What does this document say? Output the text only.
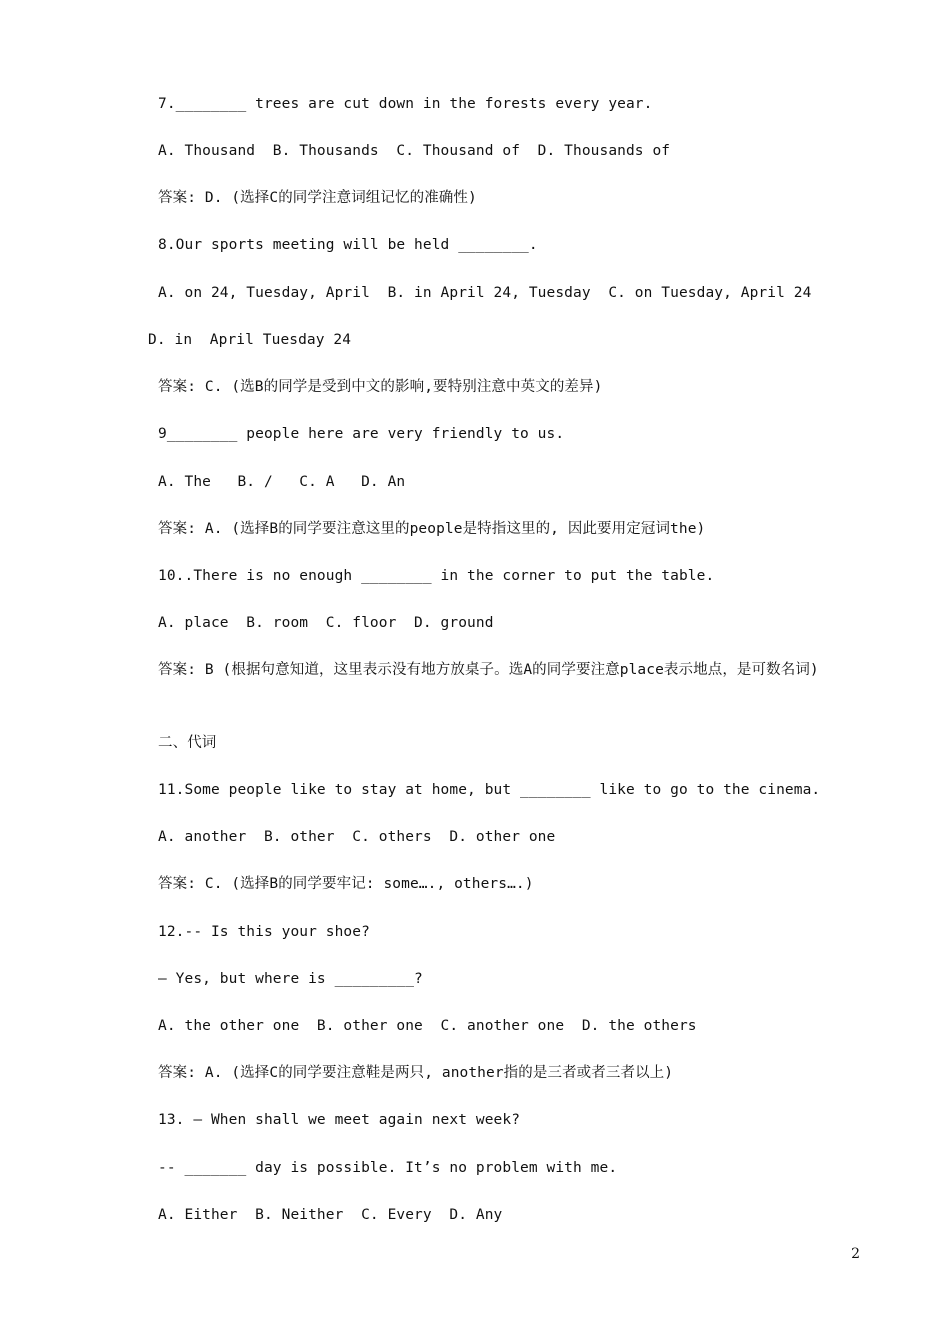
7.________ trees are cut down in the forests every year.
A. Thousand  B. Thousands  C. Thousand of  D. Thousands of
答案: D. (选择C的同学注意词组记忆的准确性)
8.Our sports meeting will be held ________.
A. on 24, Tuesday, April  B. in April 24, Tuesday  C. on Tuesday, April 24
D. in  April Tuesday 24
答案: C. (选B的同学是受到中文的影响,要特别注意中英文的差异)
9________ people here are very friendly to us.
A. The   B. /   C. A   D. An
答案: A. (选择B的同学要注意这里的people是特指这里的, 因此要用定冠词the)
10..There is no enough ________ in the corner to put the table.
A. place  B. room  C. floor  D. ground
答案: B (根据句意知道，这里表示没有地方放桌子。选A的同学要注意place表示地点，是可数名词)
二、代词
11.Some people like to stay at home, but ________ like to go to the cinema.
A. another  B. other  C. others  D. other one
答案: C. (选择B的同学要牢记: some…., others….)
12.-- Is this your shoe?
— Yes, but where is _________?
A. the other one  B. other one  C. another one  D. the others
答案: A. (选择C的同学要注意鞋是两只, another指的是三者或者三者以上)
13. – When shall we meet again next week?
-- _______ day is possible. It’s no problem with me.
A. Either  B. Neither  C. Every  D. Any
2
